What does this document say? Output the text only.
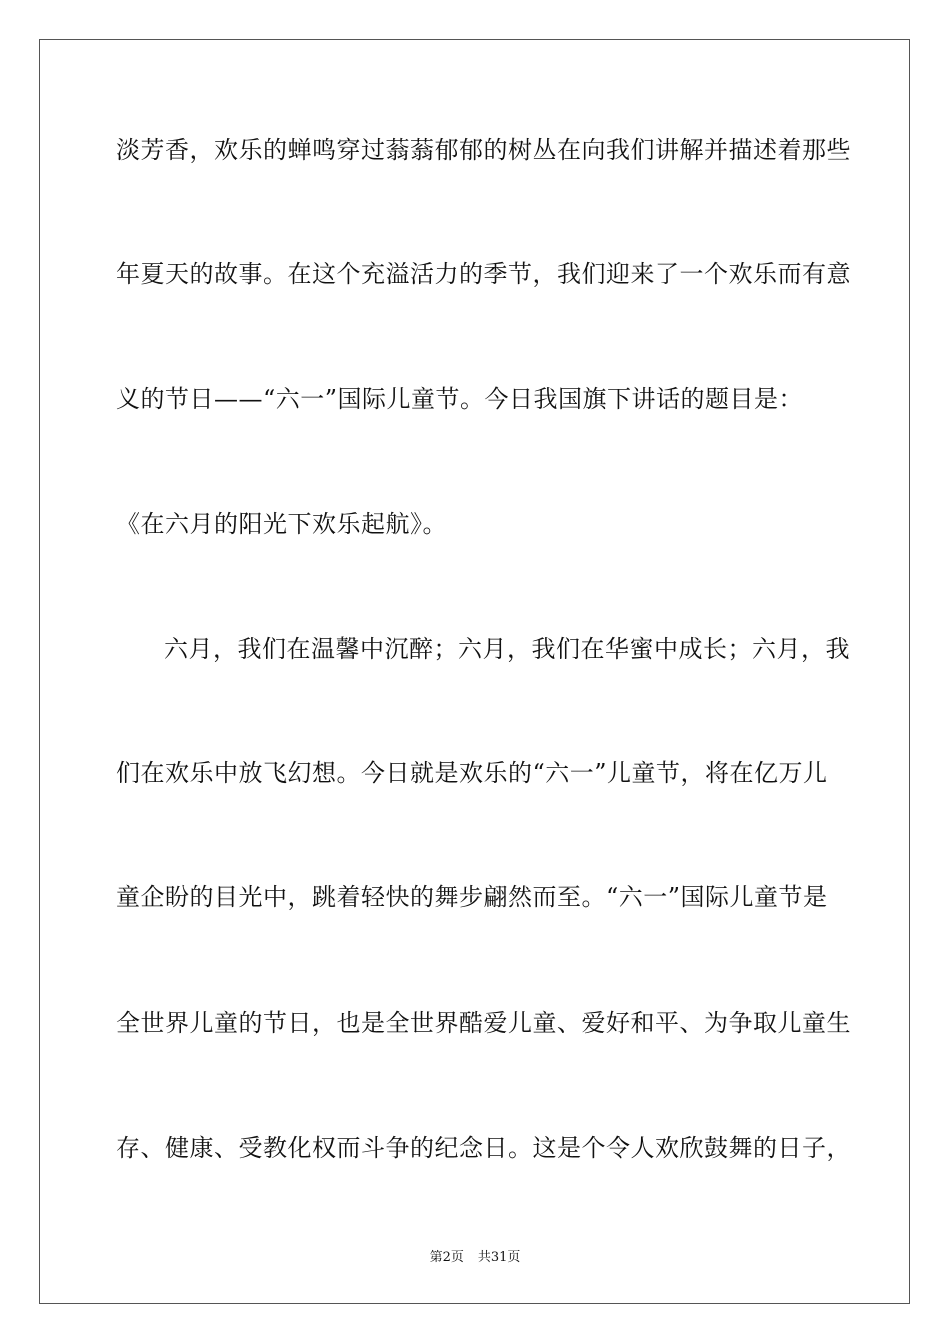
淡芳香，欢乐的蝉鸣穿过蓊蓊郁郁的树丛在向我们讲解并描述着那些
年夏天的故事。在这个充溢活力的季节，我们迎来了一个欢乐而有意
义的节日——“六一”国际儿童节。今日我国旗下讲话的题目是：
《在六月的阳光下欢乐起航》。
六月，我们在温馨中沉醉；六月，我们在华蜜中成长；六月，我
们在欢乐中放飞幻想。今日就是欢乐的“六一”儿童节，将在亿万儿
童企盼的目光中，跳着轻快的舞步翩然而至。“六一”国际儿童节是
全世界儿童的节日，也是全世界酷爱儿童、爱好和平、为争取儿童生
存、健康、受教化权而斗争的纪念日。这是个令人欢欣鼓舞的日子，
第2页 共31页
